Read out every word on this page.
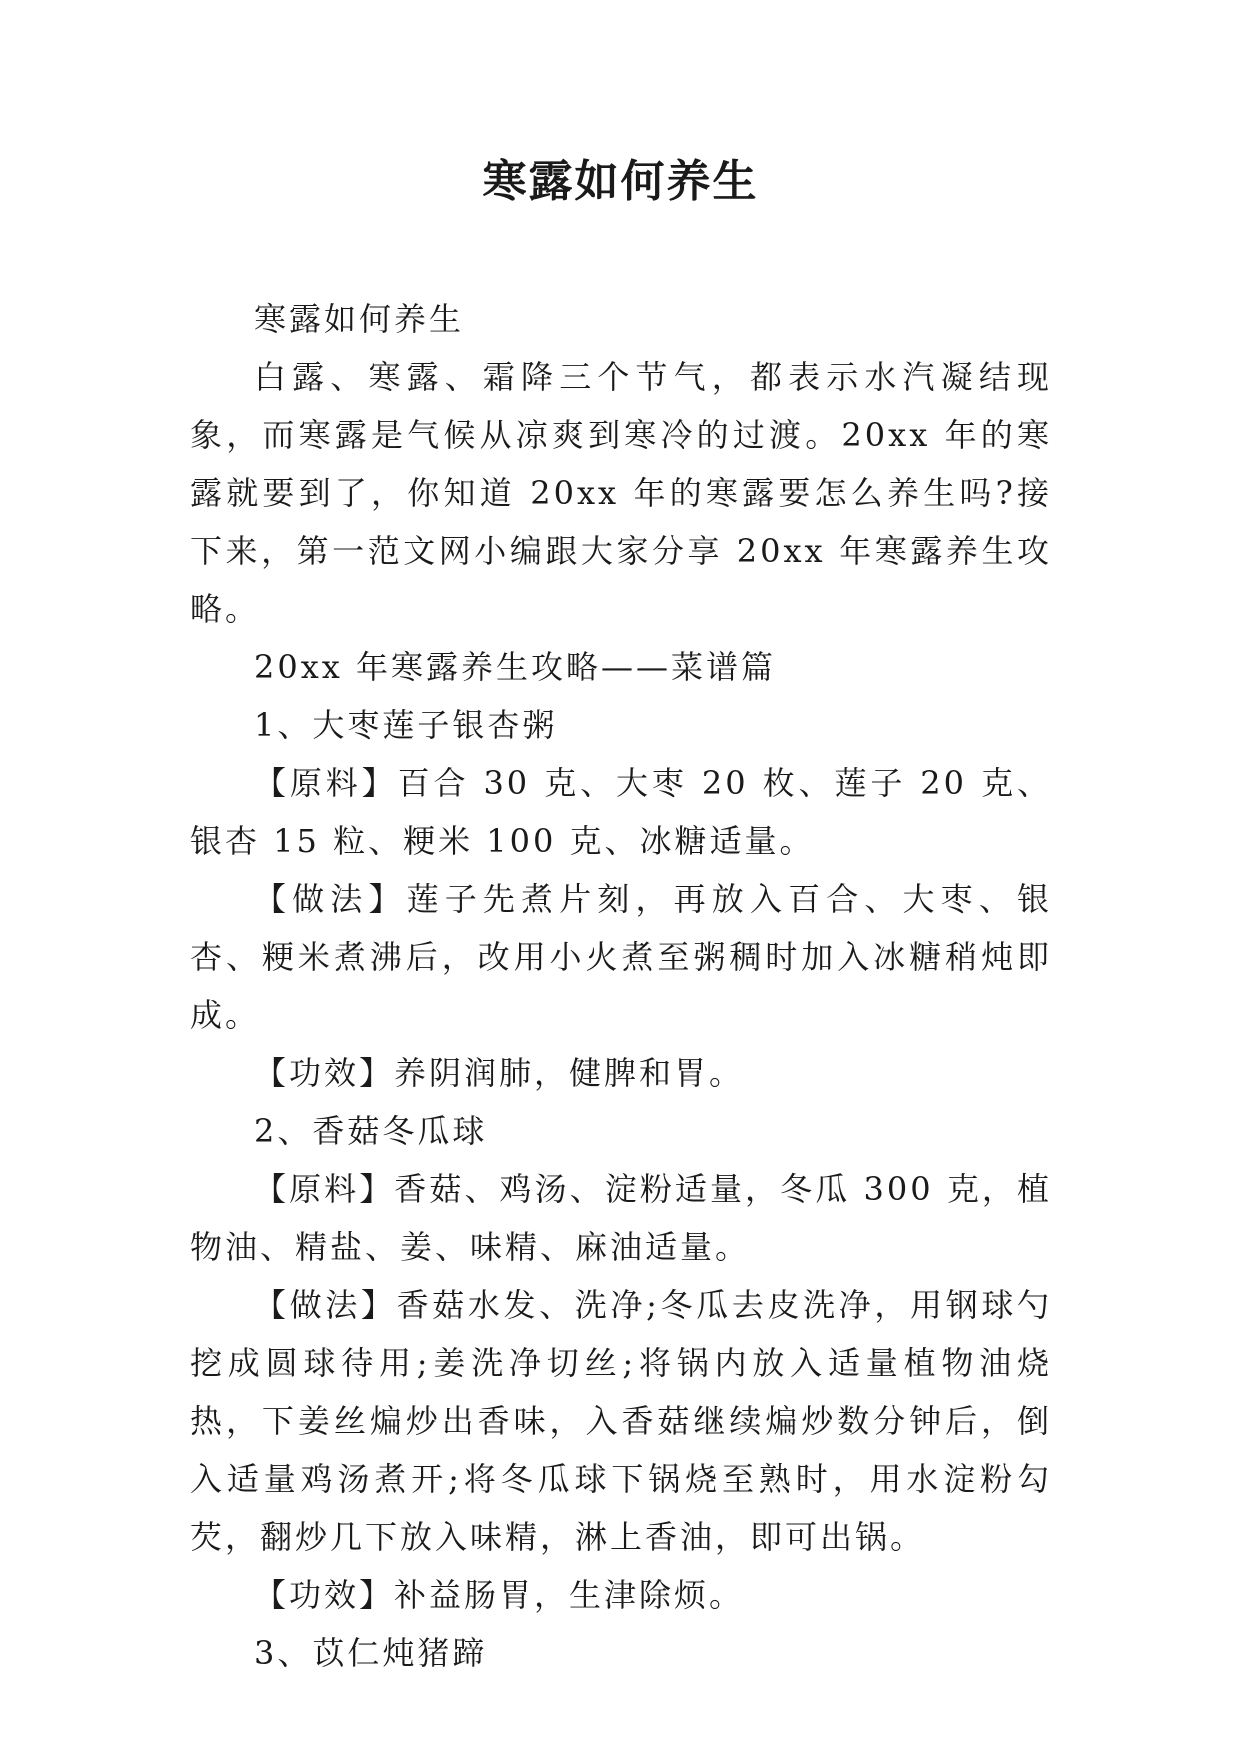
寒露如何养生

寒露如何养生

白露、寒露、霜降三个节气，都表示水汽凝结现象，而寒露是气候从凉爽到寒冷的过渡。20xx 年的寒露就要到了，你知道 20xx 年的寒露要怎么养生吗?接下来，第一范文网小编跟大家分享 20xx 年寒露养生攻略。

20xx 年寒露养生攻略——菜谱篇

1、大枣莲子银杏粥

【原料】百合 30 克、大枣 20 枚、莲子 20 克、银杏 15 粒、粳米 100 克、冰糖适量。

【做法】莲子先煮片刻，再放入百合、大枣、银杏、粳米煮沸后，改用小火煮至粥稠时加入冰糖稍炖即成。

【功效】养阴润肺，健脾和胃。

2、香菇冬瓜球

【原料】香菇、鸡汤、淀粉适量，冬瓜 300 克，植物油、精盐、姜、味精、麻油适量。

【做法】香菇水发、洗净;冬瓜去皮洗净，用钢球勺挖成圆球待用;姜洗净切丝;将锅内放入适量植物油烧热，下姜丝煸炒出香味，入香菇继续煸炒数分钟后，倒入适量鸡汤煮开;将冬瓜球下锅烧至熟时，用水淀粉勾芡，翻炒几下放入味精，淋上香油，即可出锅。

【功效】补益肠胃，生津除烦。

3、苡仁炖猪蹄
